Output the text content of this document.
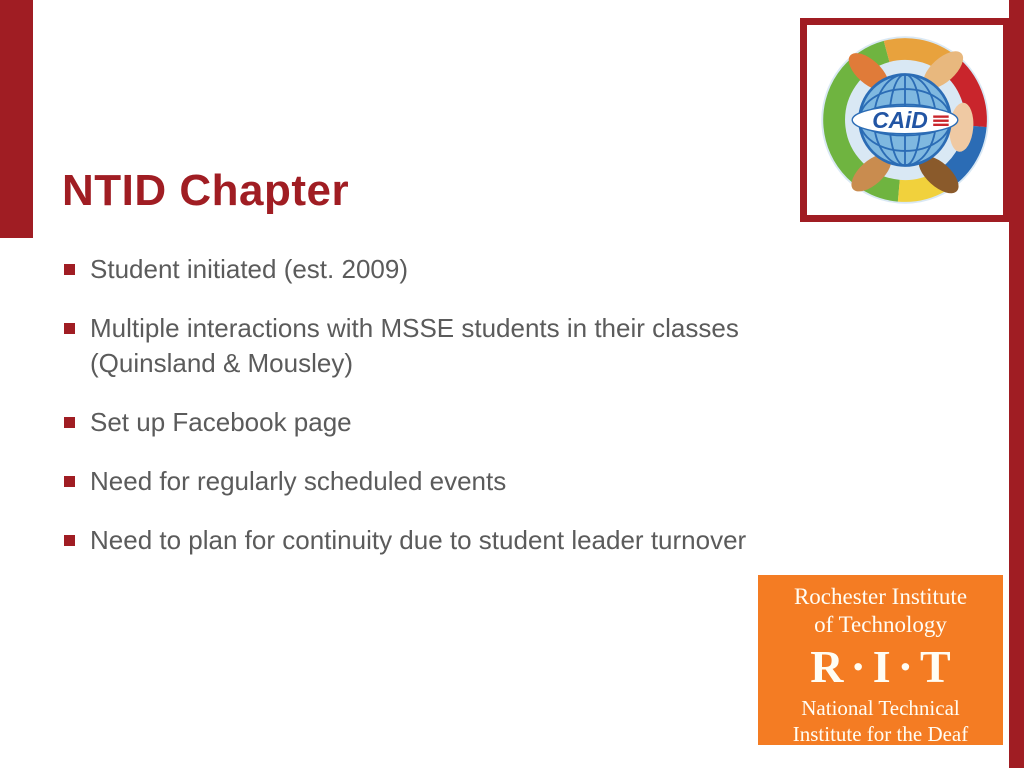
NTID Chapter
Student initiated (est. 2009)
Multiple interactions with MSSE students in their classes (Quinsland & Mousley)
Set up Facebook page
Need for regularly scheduled events
Need to plan for continuity due to student leader turnover
CAiD
Rochester Institute
of Technology
R·I·T
National Technical
Institute for the Deaf
